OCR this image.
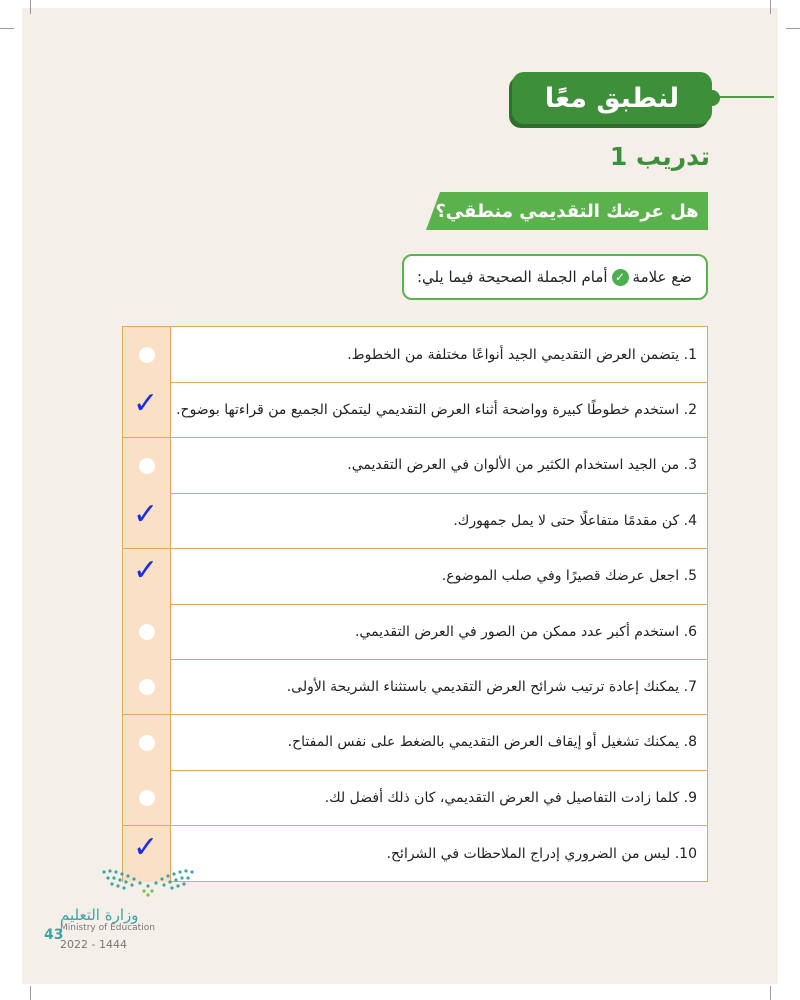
لنطبق معًا
تدريب 1
هل عرضك التقديمي منطقي؟
ضع علامة
✓
أمام الجملة الصحيحة فيما يلي:
1. يتضمن العرض التقديمي الجيد أنواعًا مختلفة من الخطوط.
✓ 2. استخدم خطوطًا كبيرة وواضحة أثناء العرض التقديمي ليتمكن الجميع من قراءتها بوضوح.
3. من الجيد استخدام الكثير من الألوان في العرض التقديمي.
✓	4. كن مقدمًا متفاعلًا حتى لا يمل جمهورك.
✓	5. اجعل عرضك قصيرًا وفي صلب الموضوع.
6. استخدم أكبر عدد ممكن من الصور في العرض التقديمي.
7. يمكنك إعادة ترتيب شرائح العرض التقديمي باستثناء الشريحة الأولى.
8. يمكنك تشغيل أو إيقاف العرض التقديمي بالضغط على نفس المفتاح.
9. كلما زادت التفاصيل في العرض التقديمي، كان ذلك أفضل لك.
✓	10. ليس من الضروري إدراج الملاحظات في الشرائح.
وزارة التعليم
Ministry of Education
43
2022 - 1444
